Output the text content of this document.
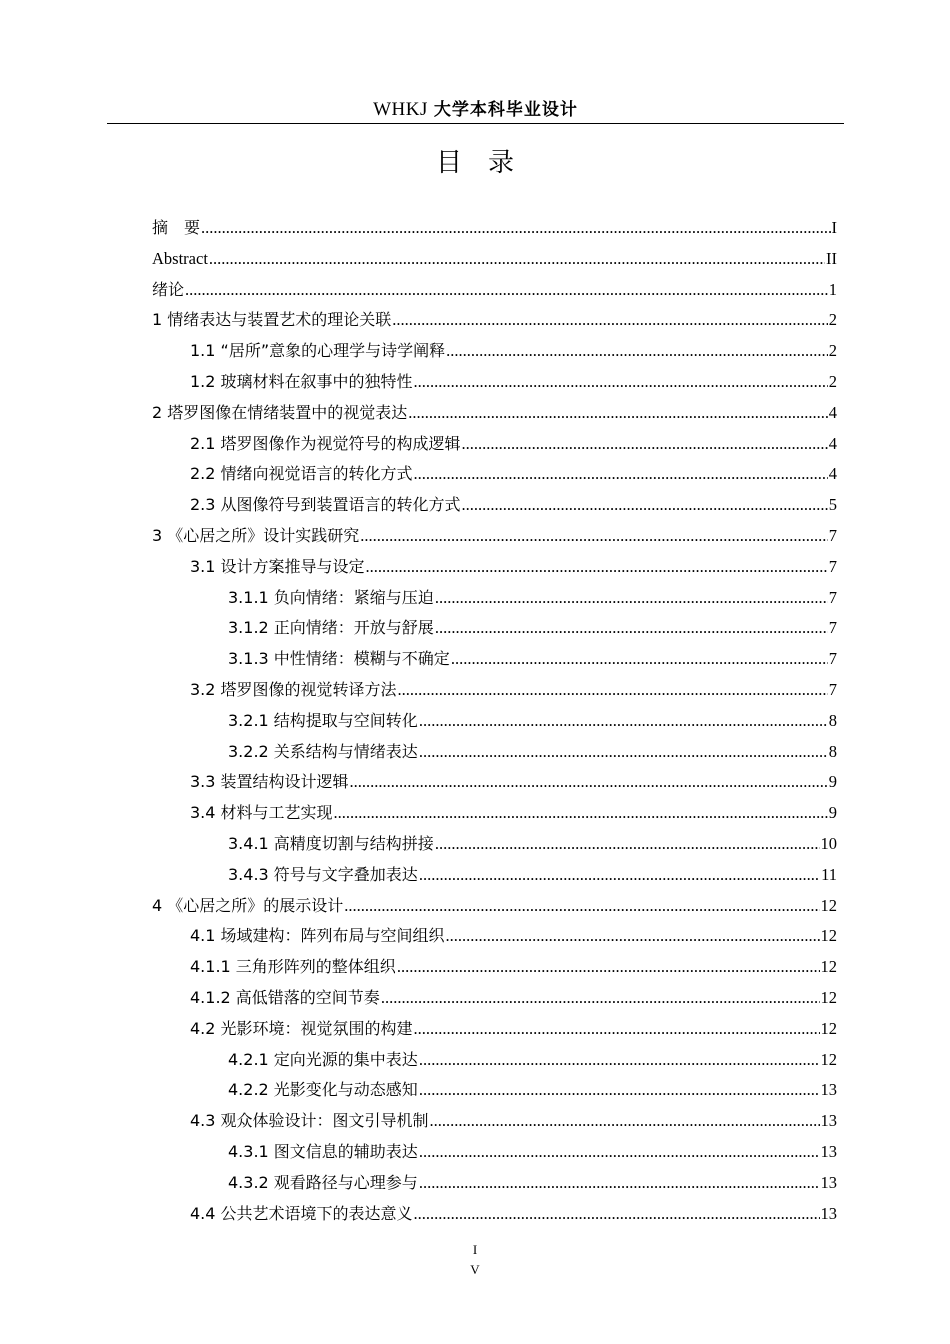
WHKJ 大学本科毕业设计
目录
摘　要 .....	I
Abstract .....	II
绪论 .....	1
1 情绪表达与装置艺术的理论关联 .....	2
1.1 “居所”意象的心理学与诗学阐释 .....	2
1.2 玻璃材料在叙事中的独特性 .....	2
2 塔罗图像在情绪装置中的视觉表达 .....	4
2.1 塔罗图像作为视觉符号的构成逻辑 .....	4
2.2 情绪向视觉语言的转化方式 .....	4
2.3 从图像符号到装置语言的转化方式 .....	5
3 《心居之所》设计实践研究 .....	7
3.1 设计方案推导与设定 .....	7
3.1.1 负向情绪：紧缩与压迫 .....	7
3.1.2 正向情绪：开放与舒展 .....	7
3.1.3 中性情绪：模糊与不确定 .....	7
3.2 塔罗图像的视觉转译方法 .....	7
3.2.1 结构提取与空间转化 .....	8
3.2.2 关系结构与情绪表达 .....	8
3.3 装置结构设计逻辑 .....	9
3.4 材料与工艺实现 .....	9
3.4.1 高精度切割与结构拼接 .....	10
3.4.3 符号与文字叠加表达 .....	11
4 《心居之所》的展示设计 .....	12
4.1 场域建构：阵列布局与空间组织 .....	12
4.1.1 三角形阵列的整体组织 .....	12
4.1.2 高低错落的空间节奏 .....	12
4.2 光影环境：视觉氛围的构建 .....	12
4.2.1 定向光源的集中表达 .....	12
4.2.2 光影变化与动态感知 .....	13
4.3 观众体验设计：图文引导机制 .....	13
4.3.1 图文信息的辅助表达 .....	13
4.3.2 观看路径与心理参与 .....	13
4.4 公共艺术语境下的表达意义 .....	13
I
V
